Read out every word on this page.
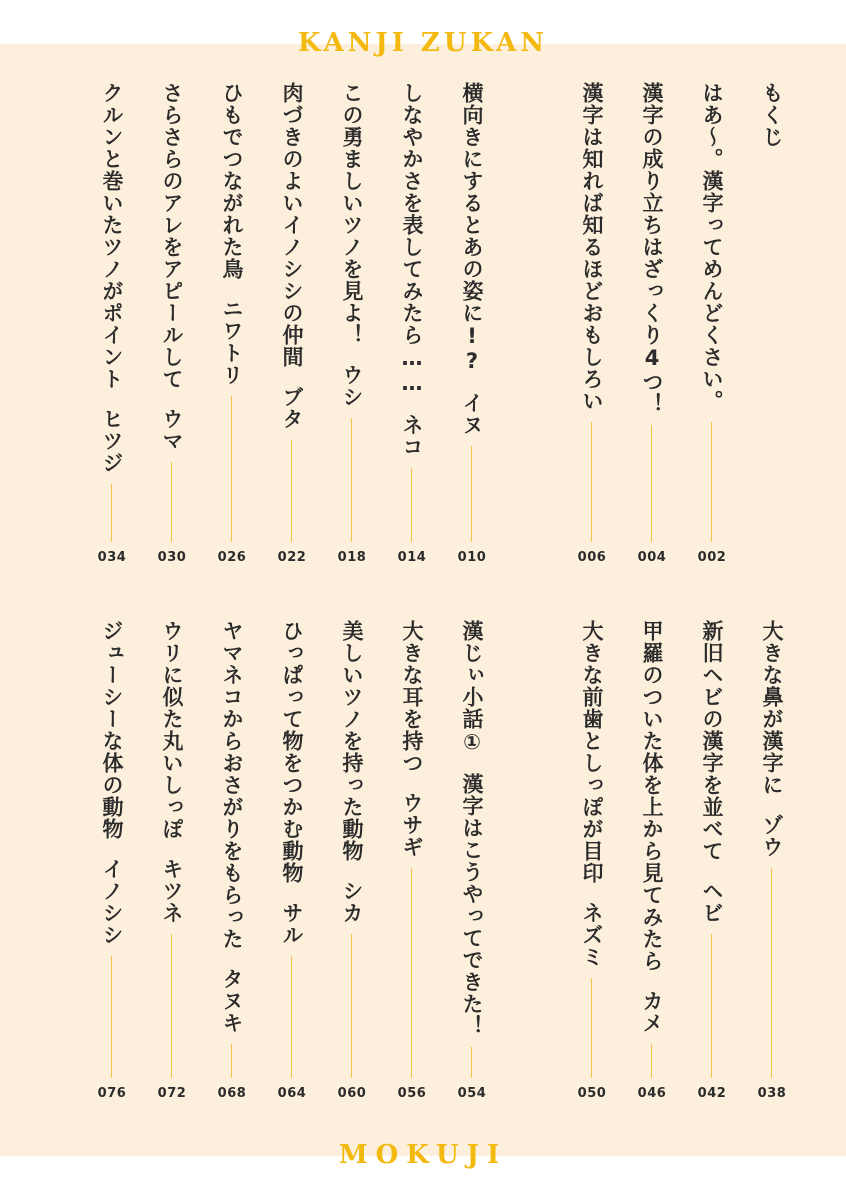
KANJI ZUKAN
MOKUJI
もくじ
はあ〜。漢字ってめんどくさい。
002
漢字の成り立ちはざっくり4つ！
004
漢字は知れば知るほどおもしろい
006
横向きにするとあの姿に!?イヌ
010
しなやかさを表してみたら……ネコ
014
この勇ましいツノを見よ！ウシ
018
肉づきのよいイノシシの仲間ブタ
022
ひもでつながれた鳥ニワトリ
026
さらさらのアレをアピールしてウマ
030
クルンと巻いたツノがポイントヒツジ
034
大きな鼻が漢字にゾウ
038
新旧ヘビの漢字を並べてヘビ
042
甲羅のついた体を上から見てみたらカメ
046
大きな前歯としっぽが目印ネズミ
050
漢じぃ小話①漢字はこうやってできた！
054
大きな耳を持つウサギ
056
美しいツノを持った動物シカ
060
ひっぱって物をつかむ動物サル
064
ヤマネコからおさがりをもらったタヌキ
068
ウリに似た丸いしっぽキツネ
072
ジューシーな体の動物イノシシ
076
